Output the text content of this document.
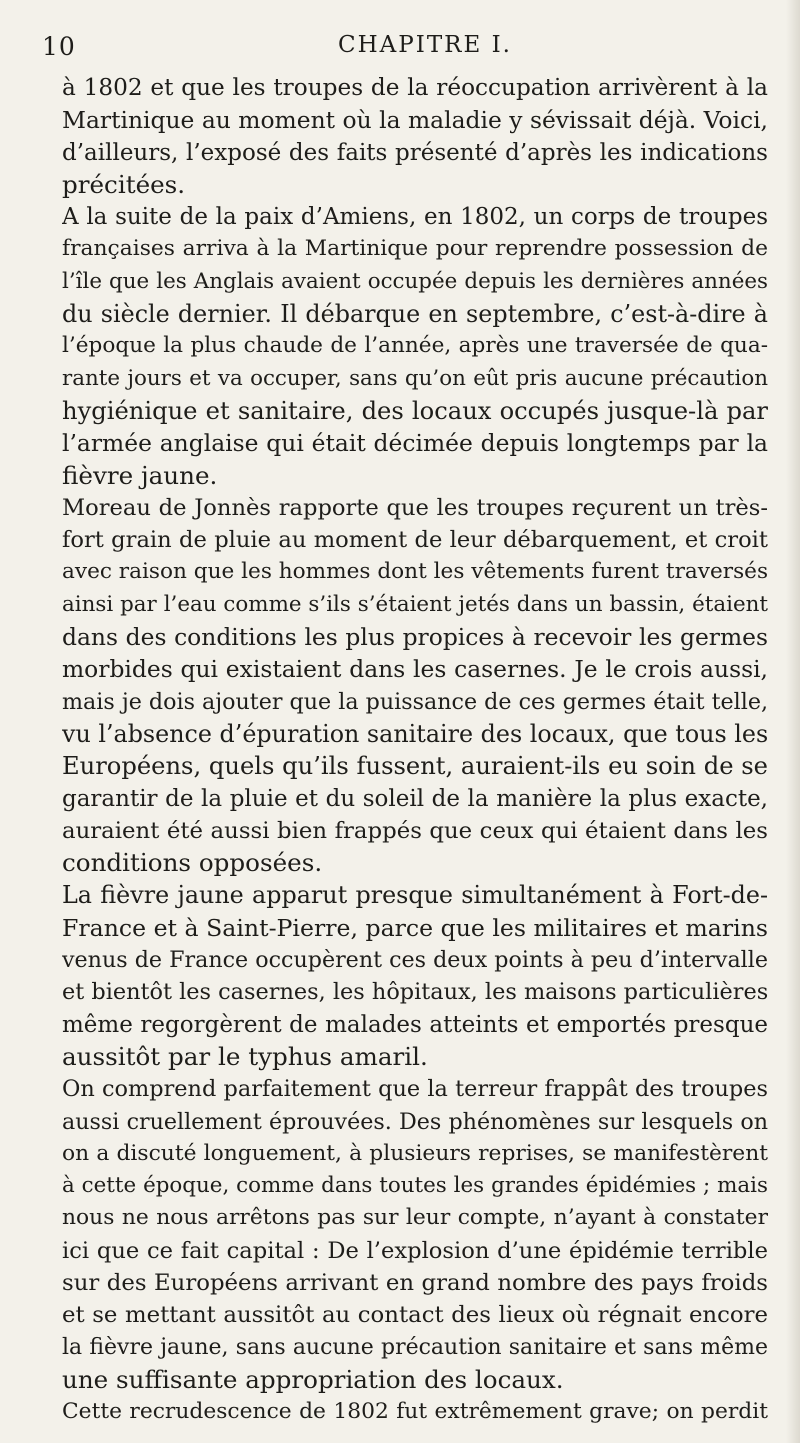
10	CHAPITRE I.
à 1802 et que les troupes de la réoccupation arrivèrent à la
Martinique au moment où la maladie y sévissait déjà. Voici,
d’ailleurs, l’exposé des faits présenté d’après les indications
précitées.
A la suite de la paix d’Amiens, en 1802, un corps de troupes
françaises arriva à la Martinique pour reprendre possession de
l’île que les Anglais avaient occupée depuis les dernières années
du siècle dernier. Il débarque en septembre, c’est-à-dire à
l’époque la plus chaude de l’année, après une traversée de qua-
rante jours et va occuper, sans qu’on eût pris aucune précaution
hygiénique et sanitaire, des locaux occupés jusque-là par
l’armée anglaise qui était décimée depuis longtemps par la
fièvre jaune.
Moreau de Jonnès rapporte que les troupes reçurent un très-
fort grain de pluie au moment de leur débarquement, et croit
avec raison que les hommes dont les vêtements furent traversés
ainsi par l’eau comme s’ils s’étaient jetés dans un bassin, étaient
dans des conditions les plus propices à recevoir les germes
morbides qui existaient dans les casernes. Je le crois aussi,
mais je dois ajouter que la puissance de ces germes était telle,
vu l’absence d’épuration sanitaire des locaux, que tous les
Européens, quels qu’ils fussent, auraient-ils eu soin de se
garantir de la pluie et du soleil de la manière la plus exacte,
auraient été aussi bien frappés que ceux qui étaient dans les
conditions opposées.
La fièvre jaune apparut presque simultanément à Fort-de-
France et à Saint-Pierre, parce que les militaires et marins
venus de France occupèrent ces deux points à peu d’intervalle
et bientôt les casernes, les hôpitaux, les maisons particulières
même regorgèrent de malades atteints et emportés presque
aussitôt par le typhus amaril.
On comprend parfaitement que la terreur frappât des troupes
aussi cruellement éprouvées. Des phénomènes sur lesquels on
on a discuté longuement, à plusieurs reprises, se manifestèrent
à cette époque, comme dans toutes les grandes épidémies ; mais
nous ne nous arrêtons pas sur leur compte, n’ayant à constater
ici que ce fait capital : De l’explosion d’une épidémie terrible
sur des Européens arrivant en grand nombre des pays froids
et se mettant aussitôt au contact des lieux où régnait encore
la fièvre jaune, sans aucune précaution sanitaire et sans même
une suffisante appropriation des locaux.
Cette recrudescence de 1802 fut extrêmement grave; on perdit
